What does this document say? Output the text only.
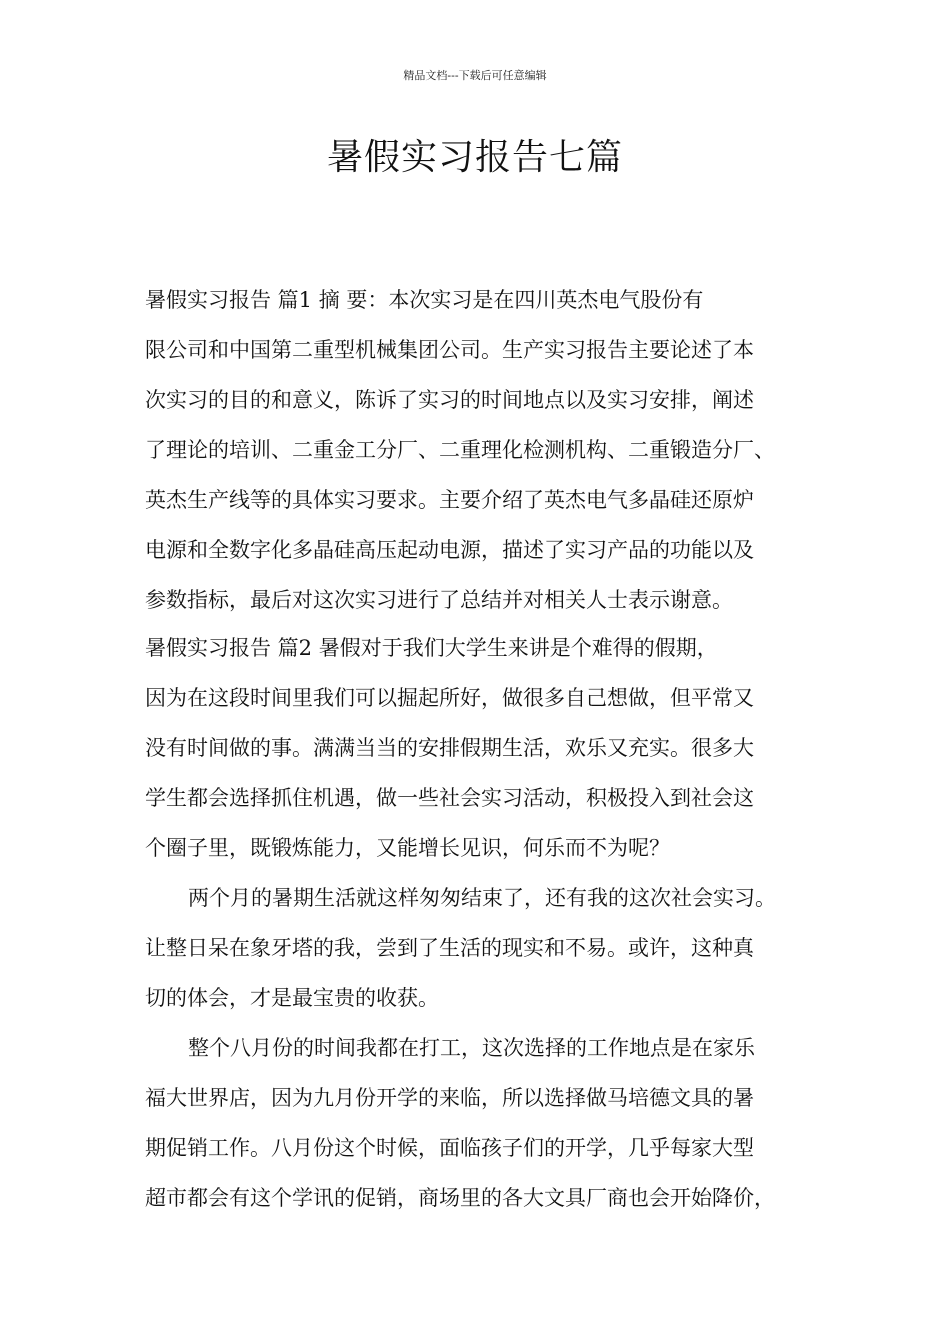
精品文档---下载后可任意编辑
暑假实习报告七篇
暑假实习报告 篇1 摘 要：本次实习是在四川英杰电气股份有
限公司和中国第二重型机械集团公司。生产实习报告主要论述了本
次实习的目的和意义，陈诉了实习的时间地点以及实习安排，阐述
了理论的培训、二重金工分厂、二重理化检测机构、二重锻造分厂、
英杰生产线等的具体实习要求。主要介绍了英杰电气多晶硅还原炉
电源和全数字化多晶硅高压起动电源，描述了实习产品的功能以及
参数指标，最后对这次实习进行了总结并对相关人士表示谢意。
暑假实习报告 篇2 暑假对于我们大学生来讲是个难得的假期，
因为在这段时间里我们可以掘起所好，做很多自己想做，但平常又
没有时间做的事。满满当当的安排假期生活，欢乐又充实。很多大
学生都会选择抓住机遇，做一些社会实习活动，积极投入到社会这
个圈子里，既锻炼能力，又能增长见识，何乐而不为呢？
两个月的暑期生活就这样匆匆结束了，还有我的这次社会实习。
让整日呆在象牙塔的我，尝到了生活的现实和不易。或许，这种真
切的体会，才是最宝贵的收获。
整个八月份的时间我都在打工，这次选择的工作地点是在家乐
福大世界店，因为九月份开学的来临，所以选择做马培德文具的暑
期促销工作。八月份这个时候，面临孩子们的开学，几乎每家大型
超市都会有这个学讯的促销，商场里的各大文具厂商也会开始降价，
